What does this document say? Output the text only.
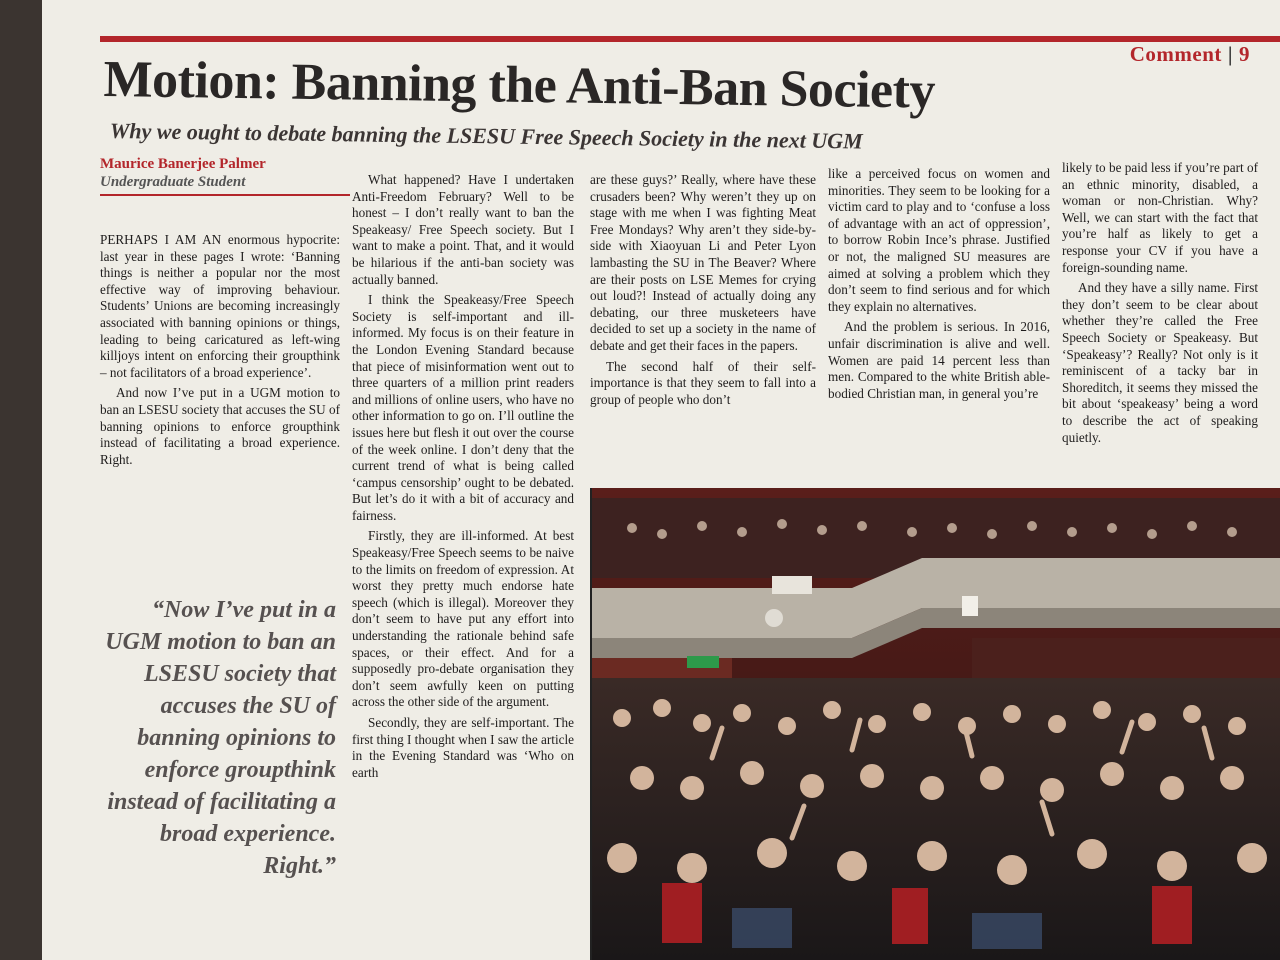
Comment | 9
Motion: Banning the Anti-Ban Society
Why we ought to debate banning the LSESU Free Speech Society in the next UGM
Maurice Banerjee Palmer
Undergraduate Student

PERHAPS I AM AN enormous hypocrite: last year in these pages I wrote: ‘Banning things is neither a popular nor the most effective way of improving behaviour. Students’ Unions are becoming increasingly associated with banning opinions or things, leading to being caricatured as left-wing killjoys intent on enforcing their groupthink – not facilitators of a broad experience’.

And now I’ve put in a UGM motion to ban an LSESU society that accuses the SU of banning opinions to enforce groupthink instead of facilitating a broad experience. Right.

“Now I’ve put in a UGM motion to ban an LSESU society that accuses the SU of banning opinions to enforce groupthink instead of facilitating a broad experience. Right.”

What happened? Have I undertaken Anti-Freedom February? Well to be honest – I don’t really want to ban the Speakeasy/ Free Speech society. But I want to make a point. That, and it would be hilarious if the anti-ban society was actually banned.

I think the Speakeasy/Free Speech Society is self-important and ill-informed. My focus is on their feature in the London Evening Standard because that piece of misinformation went out to three quarters of a million print readers and millions of online users, who have no other information to go on. I’ll outline the issues here but flesh it out over the course of the week online. I don’t deny that the current trend of what is being called ‘campus censorship’ ought to be debated. But let’s do it with a bit of accuracy and fairness.

Firstly, they are ill-informed. At best Speakeasy/Free Speech seems to be naive to the limits on freedom of expression. At worst they pretty much endorse hate speech (which is illegal). Moreover they don’t seem to have put any effort into understanding the rationale behind safe spaces, or their effect. And for a supposedly pro-debate organisation they don’t seem awfully keen on putting across the other side of the argument.

Secondly, they are self-important. The first thing I thought when I saw the article in the Evening Standard was ‘Who on earth

are these guys?’ Really, where have these crusaders been? Why weren’t they up on stage with me when I was fighting Meat Free Mondays? Why aren’t they side-by-side with Xiaoyuan Li and Peter Lyon lambasting the SU in The Beaver? Where are their posts on LSE Memes for crying out loud?! Instead of actually doing any debating, our three musketeers have decided to set up a society in the name of debate and get their faces in the papers.

The second half of their self-importance is that they seem to fall into a group of people who don’t

like a perceived focus on women and minorities. They seem to be looking for a victim card to play and to ‘confuse a loss of advantage with an act of oppression’, to borrow Robin Ince’s phrase. Justified or not, the maligned SU measures are aimed at solving a problem which they don’t seem to find serious and for which they explain no alternatives.

And the problem is serious. In 2016, unfair discrimination is alive and well. Women are paid 14 percent less than men. Compared to the white British able-bodied Christian man, in general you’re

likely to be paid less if you’re part of an ethnic minority, disabled, a woman or non-Christian. Why? Well, we can start with the fact that you’re half as likely to get a response your CV if you have a foreign-sounding name.

And they have a silly name. First they don’t seem to be clear about whether they’re called the Free Speech Society or Speakeasy. But ‘Speakeasy’? Really? Not only is it reminiscent of a tacky bar in Shoreditch, it seems they missed the bit about ‘speakeasy’ being a word to describe the act of speaking quietly.
